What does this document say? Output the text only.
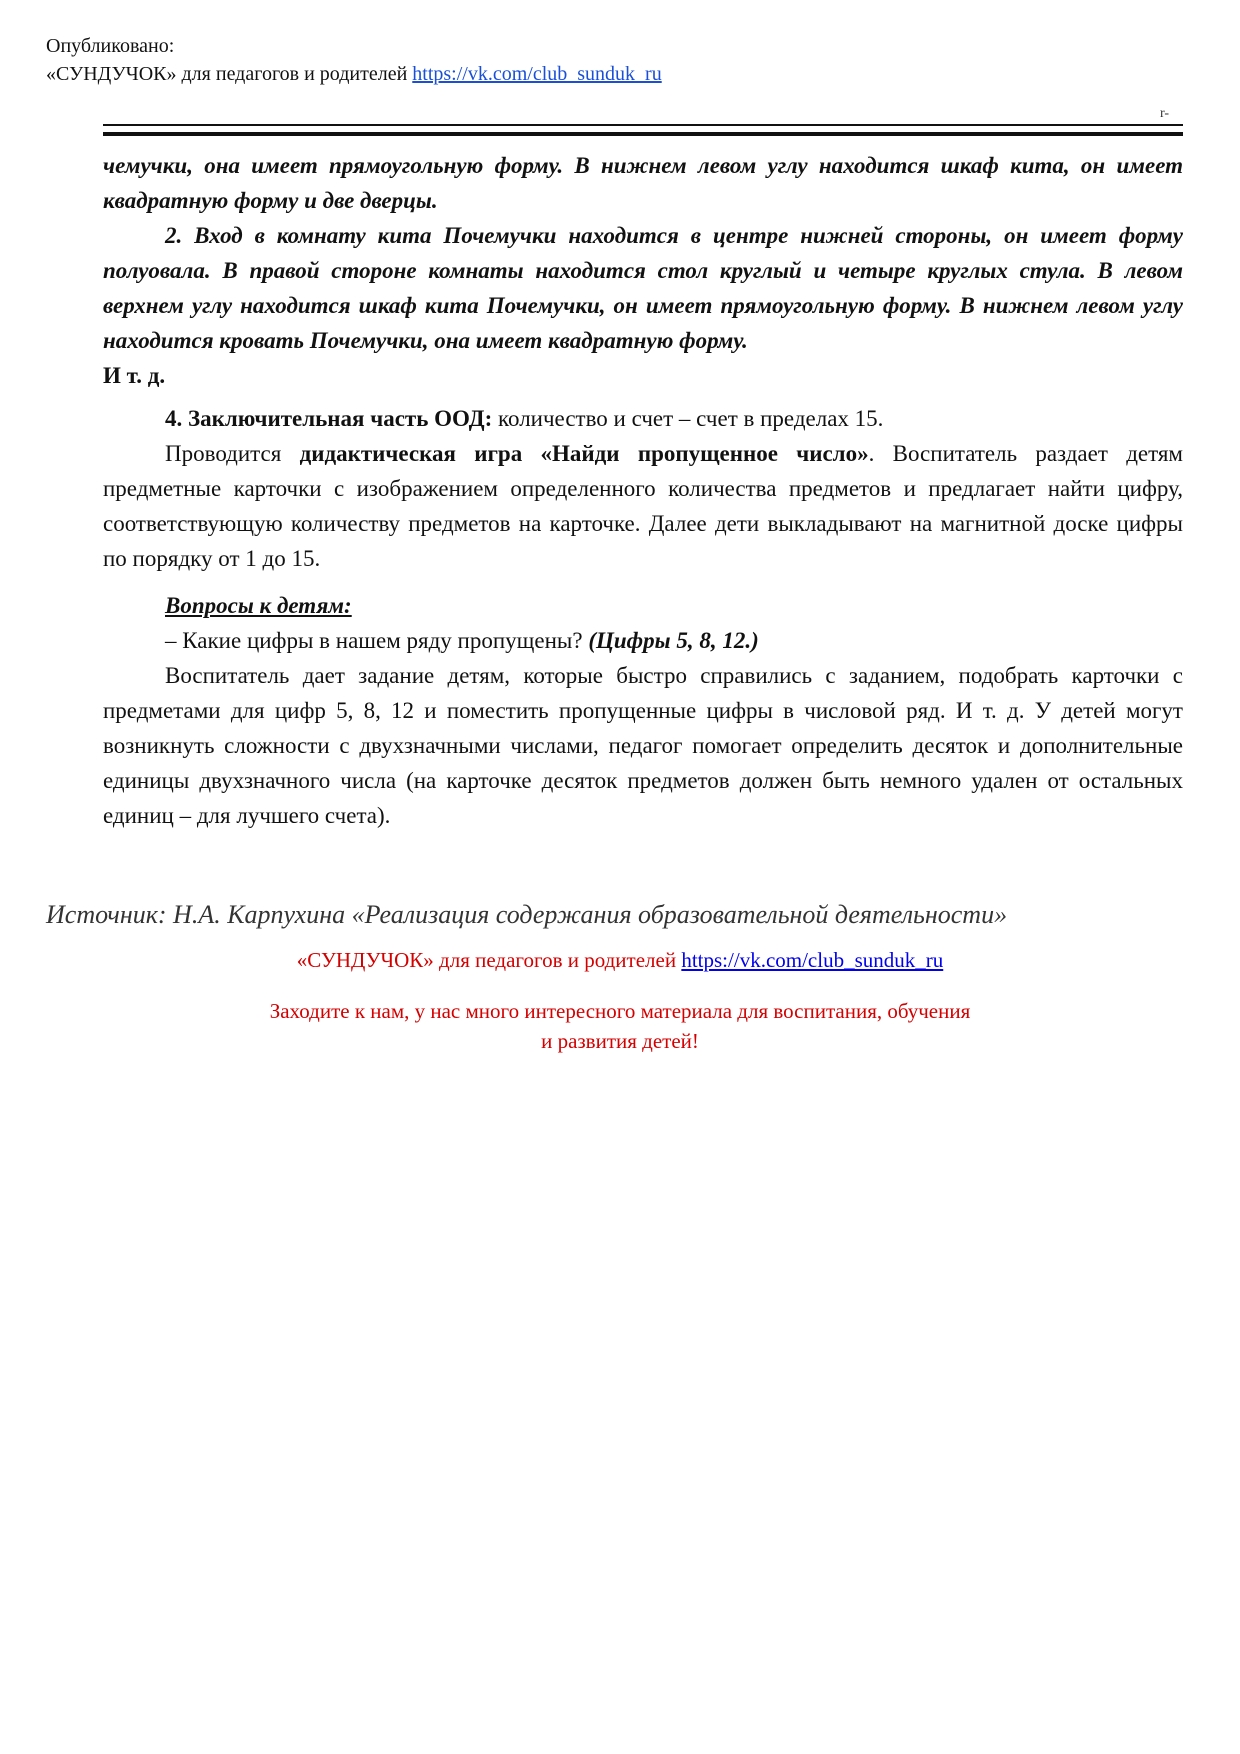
Опубликовано:
«СУНДУЧОК» для педагогов и родителей https://vk.com/club_sunduk_ru
r-

чемучки, она имеет прямоугольную форму. В нижнем левом углу находится шкаф кита, он имеет квадратную форму и две дверцы.

2. Вход в комнату кита Почемучки находится в центре нижней стороны, он имеет форму полуовала. В правой стороне комнаты находится стол круглый и четыре круглых стула. В левом верхнем углу находится шкаф кита Почемучки, он имеет прямоугольную форму. В нижнем левом углу находится кровать Почемучки, она имеет квадратную форму.

И т. д.

4. Заключительная часть ООД: количество и счет – счет в пределах 15.

Проводится дидактическая игра «Найди пропущенное число». Воспитатель раздает детям предметные карточки с изображением определенного количества предметов и предлагает найти цифру, соответствующую количеству предметов на карточке. Далее дети выкладывают на магнитной доске цифры по порядку от 1 до 15.

Вопросы к детям:

– Какие цифры в нашем ряду пропущены? (Цифры 5, 8, 12.)

Воспитатель дает задание детям, которые быстро справились с заданием, подобрать карточки с предметами для цифр 5, 8, 12 и поместить пропущенные цифры в числовой ряд. И т. д. У детей могут возникнуть сложности с двухзначными числами, педагог помогает определить десяток и дополнительные единицы двухзначного числа (на карточке десяток предметов должен быть немного удален от остальных единиц – для лучшего счета).

Источник: Н.А. Карпухина «Реализация содержания образовательной деятельности»
«СУНДУЧОК» для педагогов и родителей https://vk.com/club_sunduk_ru
Заходите к нам, у нас много интересного материала для воспитания, обучения
и развития детей!
